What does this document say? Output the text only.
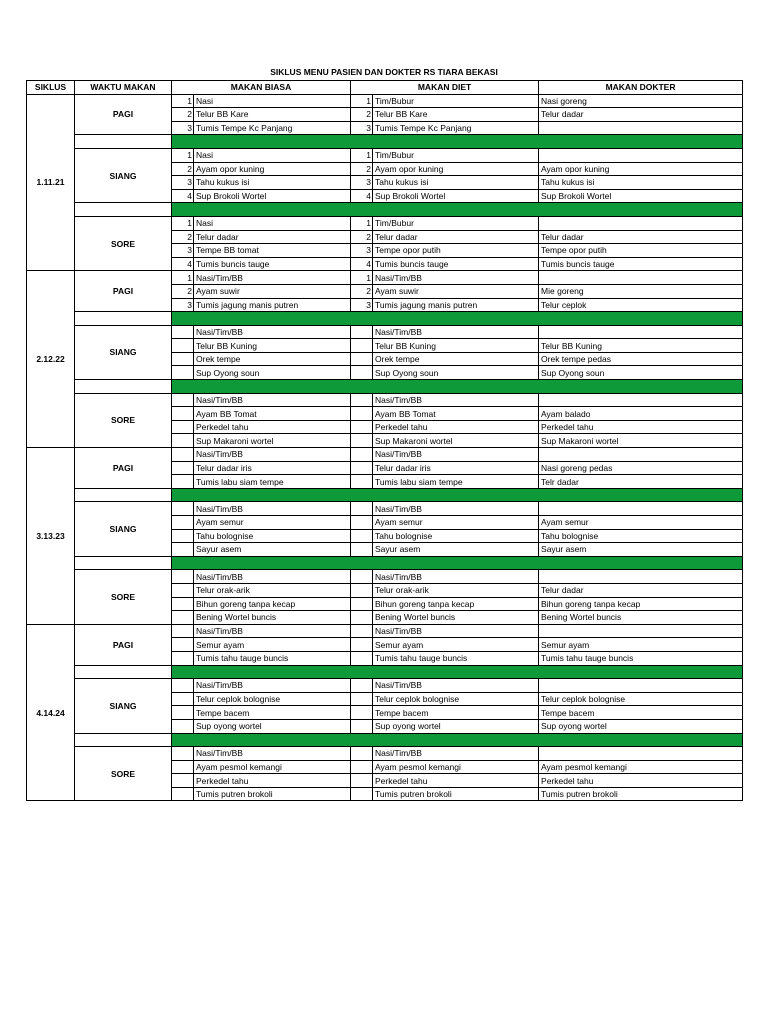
SIKLUS MENU PASIEN DAN DOKTER RS TIARA BEKASI
SIKLUS	WAKTU MAKAN	MAKAN BIASA		MAKAN DIET		MAKAN DOKTER
1.11.21	PAGI	1	Nasi	1	Tim/Bubur	Nasi goreng
		2	Telur BB Kare	2	Telur BB Kare	Telur dadar
		3	Tumis Tempe Kc Panjang	3	Tumis Tempe Kc Panjang	

	SIANG	1	Nasi	1	Tim/Bubur	
		2	Ayam opor kuning	2	Ayam opor kuning	Ayam opor kuning
		3	Tahu kukus isi	3	Tahu kukus isi	Tahu kukus isi
		4	Sup Brokoli Wortel	4	Sup Brokoli Wortel	Sup Brokoli Wortel

	SORE	1	Nasi	1	Tim/Bubur	
		2	Telur dadar	2	Telur dadar	Telur dadar
		3	Tempe BB tomat	3	Tempe opor putih	Tempe opor putih
		4	Tumis buncis tauge	4	Tumis buncis tauge	Tumis buncis tauge
2.12.22	PAGI	1	Nasi/Tim/BB	1	Nasi/Tim/BB	
		2	Ayam suwir	2	Ayam suwir	Mie goreng
		3	Tumis jagung manis putren	3	Tumis jagung manis putren	Telur ceplok

	SIANG		Nasi/Tim/BB		Nasi/Tim/BB	
			Telur BB Kuning		Telur BB Kuning	Telur BB Kuning
			Orek tempe		Orek tempe	Orek tempe pedas
			Sup Oyong soun		Sup Oyong soun	Sup Oyong soun

	SORE		Nasi/Tim/BB		Nasi/Tim/BB	
			Ayam BB Tomat		Ayam BB Tomat	Ayam balado
			Perkedel tahu		Perkedel tahu	Perkedel tahu
			Sup Makaroni wortel		Sup Makaroni wortel	Sup Makaroni wortel
3.13.23	PAGI		Nasi/Tim/BB		Nasi/Tim/BB	
			Telur dadar iris		Telur dadar iris	Nasi goreng pedas
			Tumis labu siam tempe		Tumis labu siam tempe	Telr dadar

	SIANG		Nasi/Tim/BB		Nasi/Tim/BB	
			Ayam semur		Ayam semur	Ayam semur
			Tahu bolognise		Tahu bolognise	Tahu bolognise
			Sayur asem		Sayur asem	Sayur asem

	SORE		Nasi/Tim/BB		Nasi/Tim/BB	
			Telur orak-arik		Telur orak-arik	Telur dadar
			Bihun goreng tanpa kecap		Bihun goreng tanpa kecap	Bihun goreng tanpa kecap
			Bening Wortel buncis		Bening Wortel buncis	Bening Wortel buncis
4.14.24	PAGI		Nasi/Tim/BB		Nasi/Tim/BB	
			Semur ayam		Semur ayam	Semur ayam
			Tumis tahu tauge buncis		Tumis tahu tauge buncis	Tumis tahu tauge buncis

	SIANG		Nasi/Tim/BB		Nasi/Tim/BB	
			Telur ceplok bolognise		Telur ceplok bolognise	Telur ceplok bolognise
			Tempe bacem		Tempe bacem	Tempe bacem
			Sup oyong wortel		Sup oyong wortel	Sup oyong wortel

	SORE		Nasi/Tim/BB		Nasi/Tim/BB	
			Ayam pesmol kemangi		Ayam pesmol kemangi	Ayam pesmol kemangi
			Perkedel tahu		Perkedel tahu	Perkedel tahu
			Tumis putren brokoli		Tumis putren brokoli	Tumis putren brokoli
